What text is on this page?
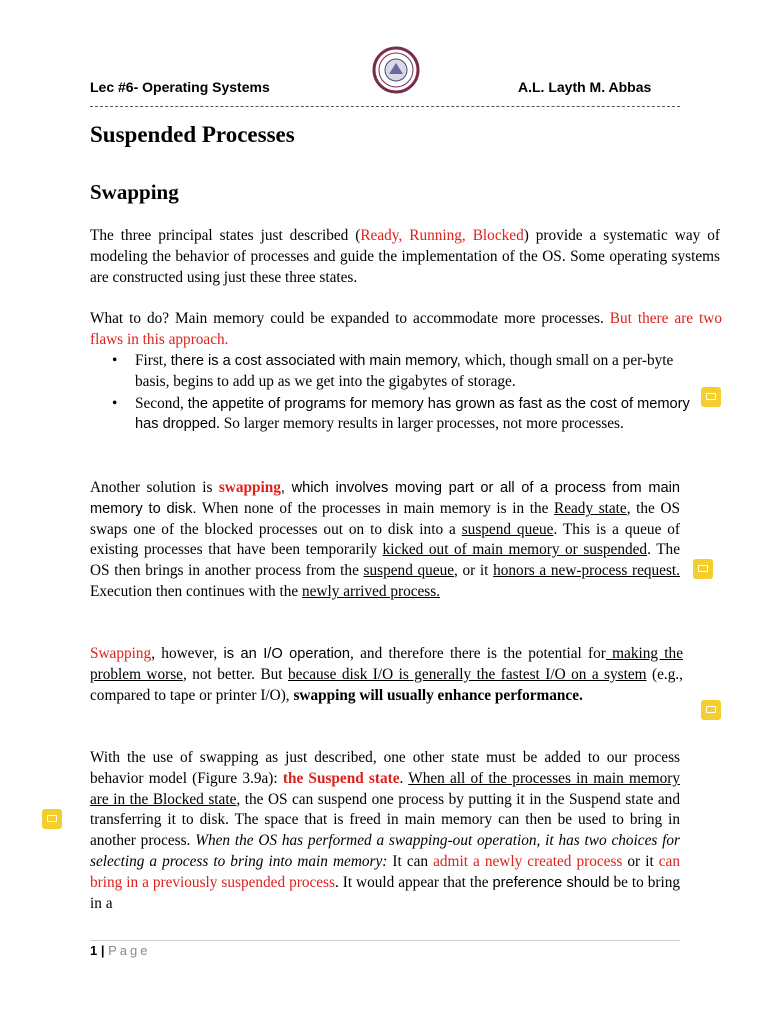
Lec #6- Operating Systems	A.L. Layth M. Abbas
Suspended Processes
Swapping
The three principal states just described (Ready, Running, Blocked) provide a systematic way of modeling the behavior of processes and guide the implementation of the OS. Some operating systems are constructed using just these three states.
What to do? Main memory could be expanded to accommodate more processes. But there are two flaws in this approach.
• First, there is a cost associated with main memory, which, though small on a per-byte basis, begins to add up as we get into the gigabytes of storage.
• Second, the appetite of programs for memory has grown as fast as the cost of memory has dropped. So larger memory results in larger processes, not more processes.
Another solution is swapping, which involves moving part or all of a process from main memory to disk. When none of the processes in main memory is in the Ready state, the OS swaps one of the blocked processes out on to disk into a suspend queue. This is a queue of existing processes that have been temporarily kicked out of main memory or suspended. The OS then brings in another process from the suspend queue, or it honors a new-process request. Execution then continues with the newly arrived process.
Swapping, however, is an I/O operation, and therefore there is the potential for making the problem worse, not better. But because disk I/O is generally the fastest I/O on a system (e.g., compared to tape or printer I/O), swapping will usually enhance performance.
With the use of swapping as just described, one other state must be added to our process behavior model (Figure 3.9a): the Suspend state. When all of the processes in main memory are in the Blocked state, the OS can suspend one process by putting it in the Suspend state and transferring it to disk. The space that is freed in main memory can then be used to bring in another process. When the OS has performed a swapping-out operation, it has two choices for selecting a process to bring into main memory: It can admit a newly created process or it can bring in a previously suspended process. It would appear that the preference should be to bring in a
1 | Page
